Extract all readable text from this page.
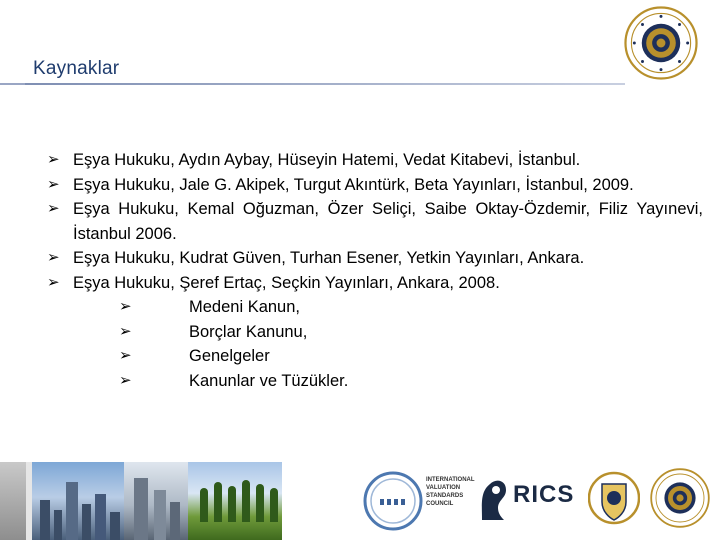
Kaynaklar
➢ Eşya Hukuku, Aydın Aybay, Hüseyin Hatemi, Vedat Kitabevi, İstanbul.
➢ Eşya Hukuku, Jale G. Akipek, Turgut Akıntürk, Beta Yayınları, İstanbul, 2009.
➢ Eşya Hukuku, Kemal Oğuzman, Özer Seliçi, Saibe Oktay-Özdemir, Filiz Yayınevi, İstanbul 2006.
➢ Eşya Hukuku, Kudrat Güven, Turhan Esener, Yetkin Yayınları, Ankara.
➢ Eşya Hukuku, Şeref Ertaç, Seçkin Yayınları, Ankara, 2008.
➢	Medeni Kanun,
➢	Borçlar Kanunu,
➢	Genelgeler
➢	Kanunlar ve Tüzükler.
INTERNATIONAL
VALUATION
STANDARDS
COUNCIL	RICS
